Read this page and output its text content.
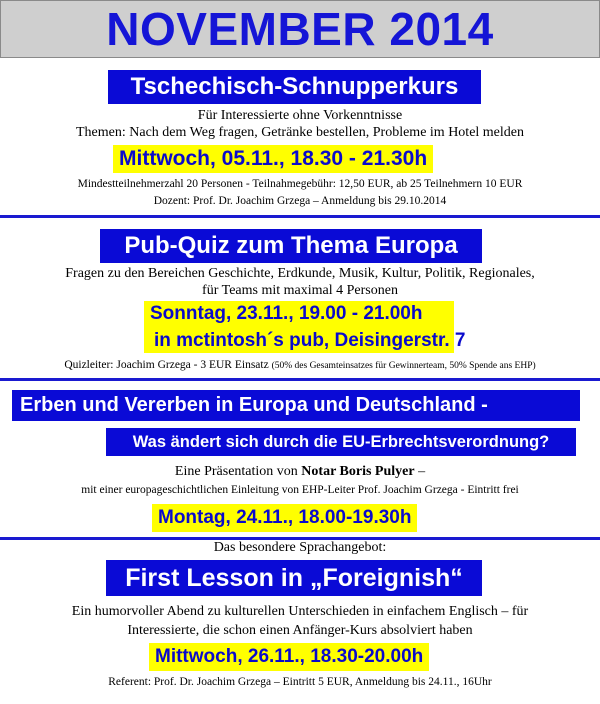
NOVEMBER 2014
Tschechisch-Schnupperkurs
Für Interessierte ohne Vorkenntnisse
Themen: Nach dem Weg fragen, Getränke bestellen, Probleme im Hotel melden
Mittwoch, 05.11., 18.30 - 21.30h
Mindestteilnehmerzahl 20 Personen - Teilnahmegebühr: 12,50 EUR, ab 25 Teilnehmern 10 EUR
Dozent: Prof. Dr. Joachim Grzega – Anmeldung bis 29.10.2014
Pub-Quiz zum Thema Europa
Fragen zu den Bereichen Geschichte, Erdkunde, Musik, Kultur, Politik, Regionales,
für Teams mit maximal 4 Personen
Sonntag, 23.11., 19.00 - 21.00h
in mctintosh´s pub, Deisingerstr. 7
Quizleiter: Joachim Grzega - 3 EUR Einsatz (50% des Gesamteinsatzes für Gewinnerteam, 50% Spende ans EHP)
Erben und Vererben in Europa und Deutschland -
Was ändert sich durch die EU-Erbrechtsverordnung?
Eine Präsentation von Notar Boris Pulyer –
mit einer europageschichtlichen Einleitung von EHP-Leiter Prof. Joachim Grzega - Eintritt frei
Montag, 24.11., 18.00-19.30h
Das besondere Sprachangebot:
First Lesson in „Foreignish“
Ein humorvoller Abend zu kulturellen Unterschieden in einfachem Englisch – für
Interessierte, die schon einen Anfänger-Kurs absolviert haben
Mittwoch, 26.11., 18.30-20.00h
Referent: Prof. Dr. Joachim Grzega – Eintritt 5 EUR, Anmeldung bis 24.11., 16Uhr
